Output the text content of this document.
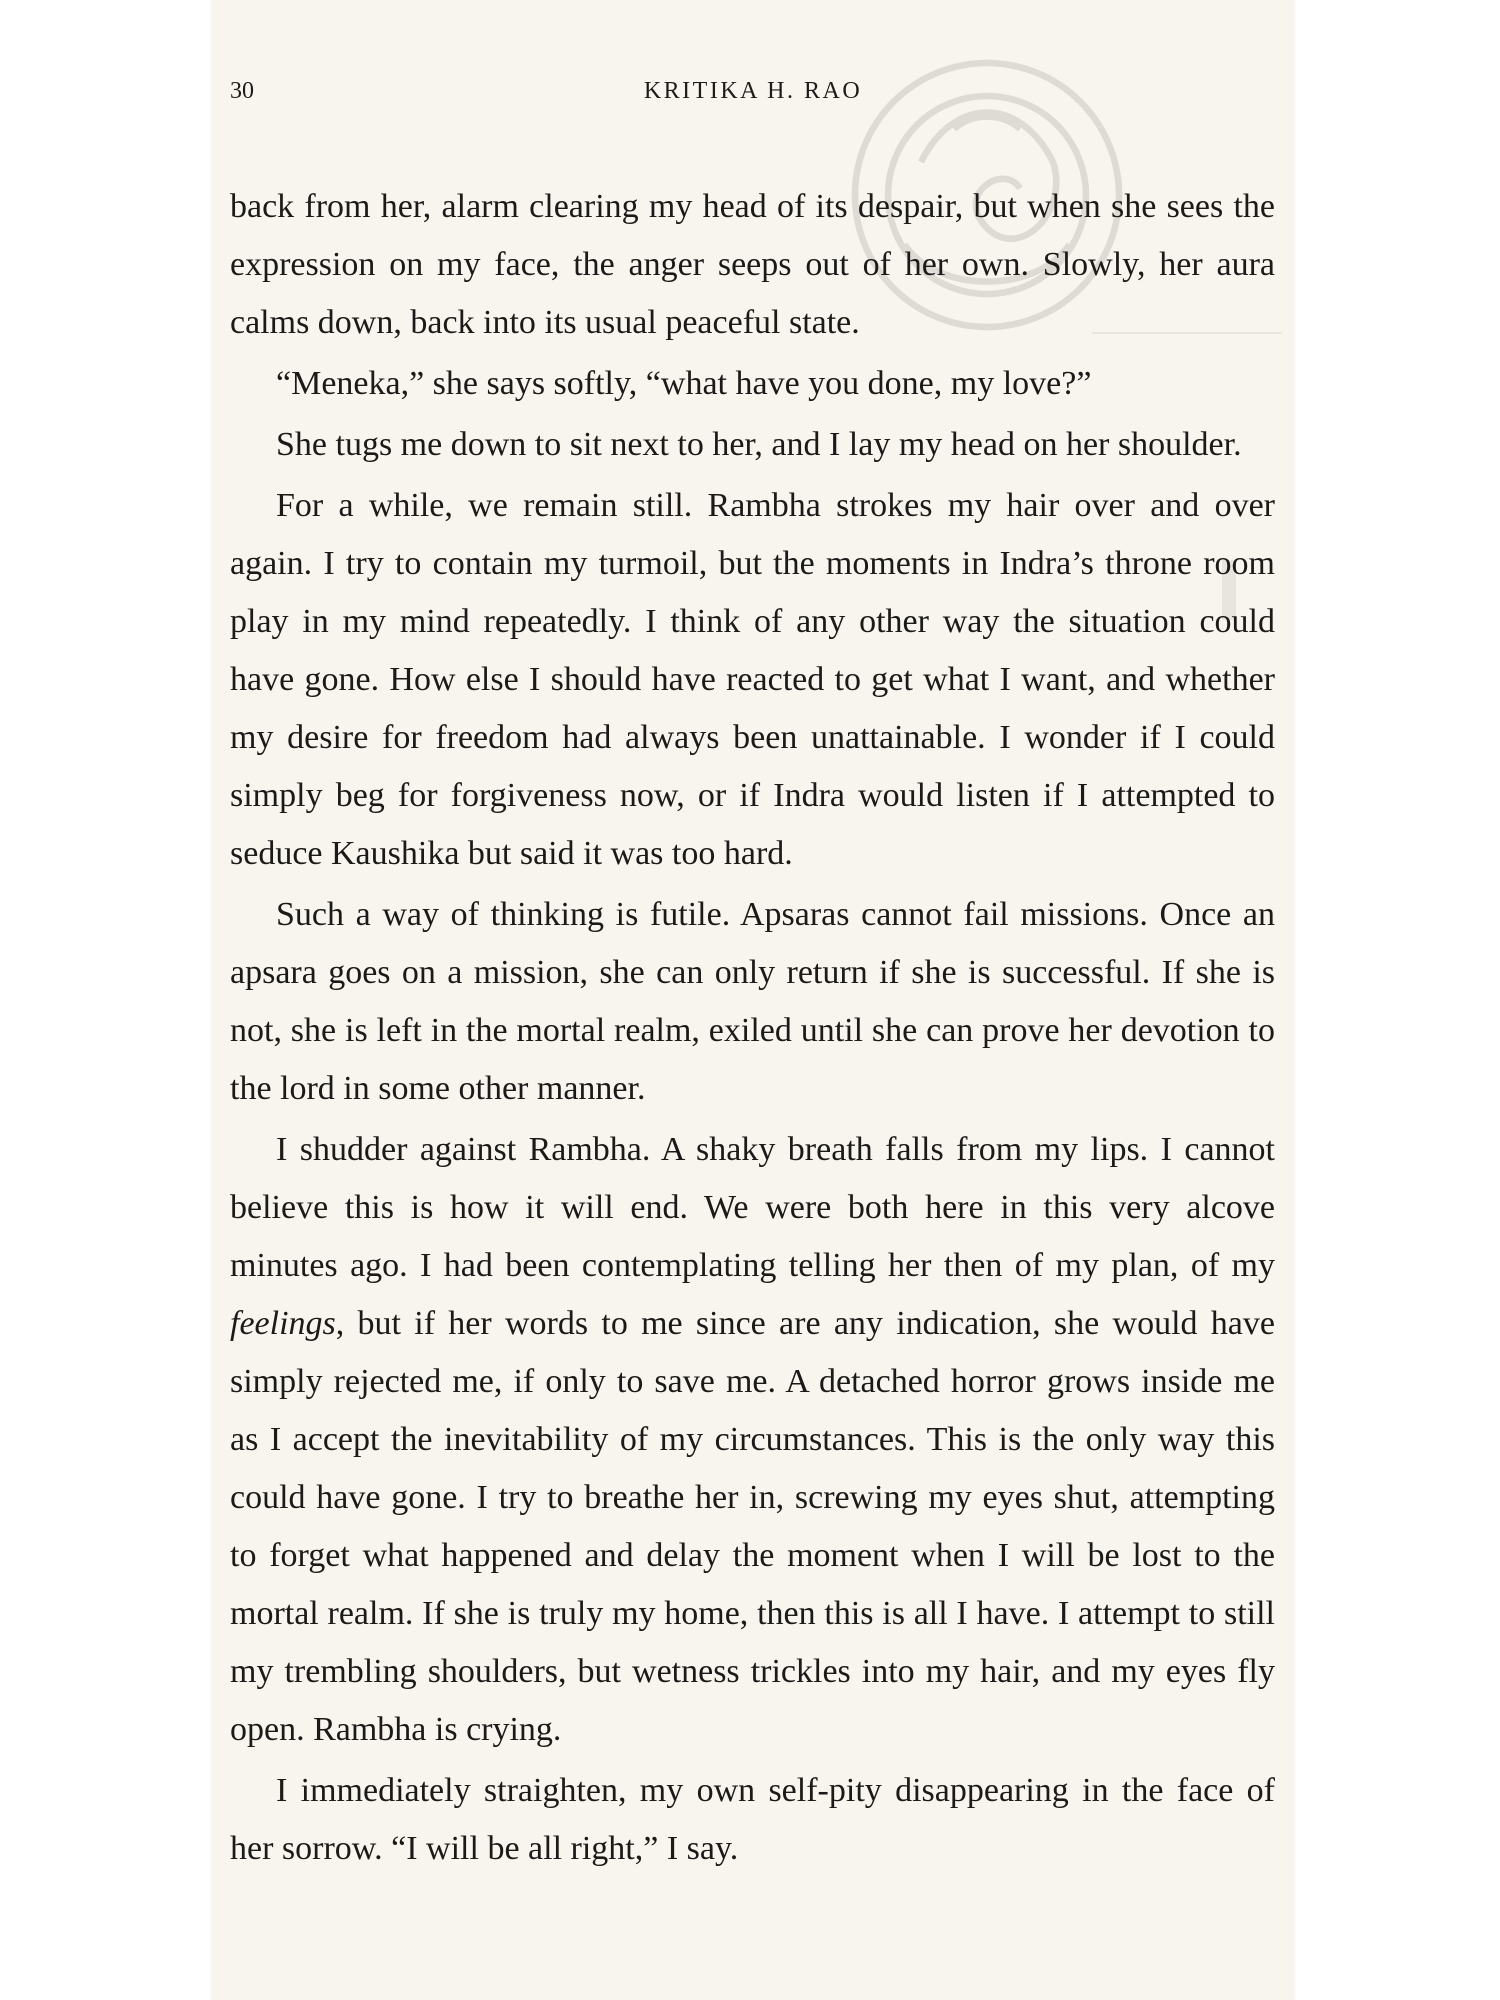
30	KRITIKA H. RAO

back from her, alarm clearing my head of its despair, but when she sees the expression on my face, the anger seeps out of her own. Slowly, her aura calms down, back into its usual peaceful state.

“Meneka,” she says softly, “what have you done, my love?”

She tugs me down to sit next to her, and I lay my head on her shoulder.

For a while, we remain still. Rambha strokes my hair over and over again. I try to contain my turmoil, but the moments in Indra’s throne room play in my mind repeatedly. I think of any other way the situation could have gone. How else I should have reacted to get what I want, and whether my desire for freedom had always been unattainable. I wonder if I could simply beg for forgiveness now, or if Indra would listen if I attempted to seduce Kaushika but said it was too hard.

Such a way of thinking is futile. Apsaras cannot fail missions. Once an apsara goes on a mission, she can only return if she is successful. If she is not, she is left in the mortal realm, exiled until she can prove her devotion to the lord in some other manner.

I shudder against Rambha. A shaky breath falls from my lips. I cannot believe this is how it will end. We were both here in this very alcove minutes ago. I had been contemplating telling her then of my plan, of my feelings, but if her words to me since are any indication, she would have simply rejected me, if only to save me. A detached horror grows inside me as I accept the inevitability of my circumstances. This is the only way this could have gone. I try to breathe her in, screwing my eyes shut, attempting to forget what happened and delay the moment when I will be lost to the mortal realm. If she is truly my home, then this is all I have. I attempt to still my trembling shoulders, but wetness trickles into my hair, and my eyes fly open. Rambha is crying.

I immediately straighten, my own self-pity disappearing in the face of her sorrow. “I will be all right,” I say.
